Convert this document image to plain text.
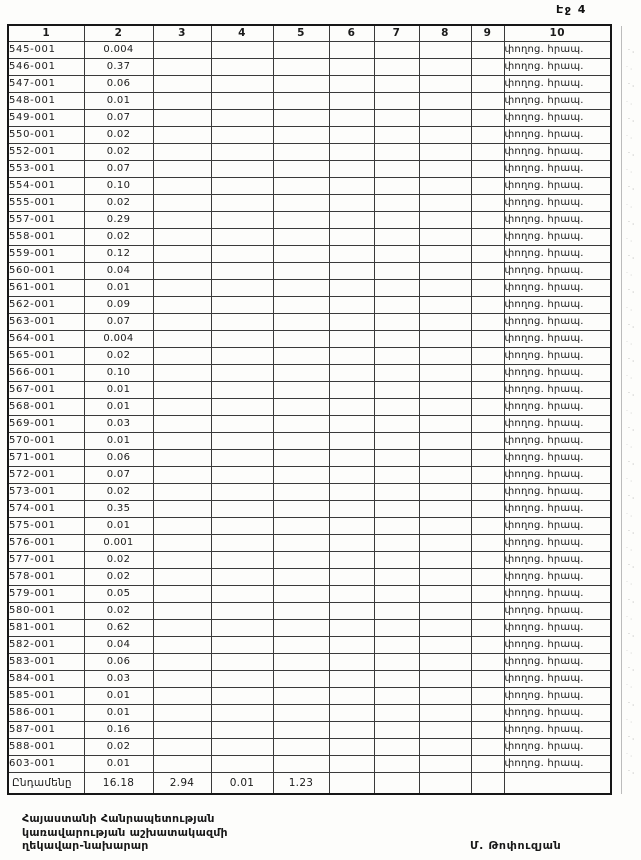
Էջ 4
1	2	3	4	5	6	7	8	9	10
545-001	0.004								փողոց. հրապ.
546-001	0.37								փողոց. հրապ.
547-001	0.06								փողոց. հրապ.
548-001	0.01								փողոց. հրապ.
549-001	0.07								փողոց. հրապ.
550-001	0.02								փողոց. հրապ.
552-001	0.02								փողոց. հրապ.
553-001	0.07								փողոց. հրապ.
554-001	0.10								փողոց. հրապ.
555-001	0.02								փողոց. հրապ.
557-001	0.29								փողոց. հրապ.
558-001	0.02								փողոց. հրապ.
559-001	0.12								փողոց. հրապ.
560-001	0.04								փողոց. հրապ.
561-001	0.01								փողոց. հրապ.
562-001	0.09								փողոց. հրապ.
563-001	0.07								փողոց. հրապ.
564-001	0.004								փողոց. հրապ.
565-001	0.02								փողոց. հրապ.
566-001	0.10								փողոց. հրապ.
567-001	0.01								փողոց. հրապ.
568-001	0.01								փողոց. հրապ.
569-001	0.03								փողոց. հրապ.
570-001	0.01								փողոց. հրապ.
571-001	0.06								փողոց. հրապ.
572-001	0.07								փողոց. հրապ.
573-001	0.02								փողոց. հրապ.
574-001	0.35								փողոց. հրապ.
575-001	0.01								փողոց. հրապ.
576-001	0.001								փողոց. հրապ.
577-001	0.02								փողոց. հրապ.
578-001	0.02								փողոց. հրապ.
579-001	0.05								փողոց. հրապ.
580-001	0.02								փողոց. հրապ.
581-001	0.62								փողոց. հրապ.
582-001	0.04								փողոց. հրապ.
583-001	0.06								փողոց. հրապ.
584-001	0.03								փողոց. հրապ.
585-001	0.01								փողոց. հրապ.
586-001	0.01								փողոց. հրապ.
587-001	0.16								փողոց. հրապ.
588-001	0.02								փողոց. հրապ.
603-001	0.01								փողոց. հրապ.
Ընդամենը	16.18	2.94	0.01	1.23					
·ˌ
·ˌ
·ˌ
·ˌ
·ˌ
·ˌ
·ˌ
·ˌ
·ˌ
·ˌ
·ˌ
·ˌ
·ˌ
·ˌ
·ˌ
·ˌ
·ˌ
·ˌ
·ˌ
·ˌ
·ˌ
·ˌ
·ˌ
·ˌ
·ˌ
·ˌ
·ˌ
·ˌ
·ˌ
·ˌ
·ˌ
·ˌ
·ˌ
·ˌ
·ˌ
·ˌ
·ˌ
·ˌ
·ˌ
·ˌ
·ˌ
·ˌ
·ˌ
Հայաստանի Հանրապետության
կառավարության աշխատակազմի
ղեկավար-նախարար	Մ. Թոփուզյան
